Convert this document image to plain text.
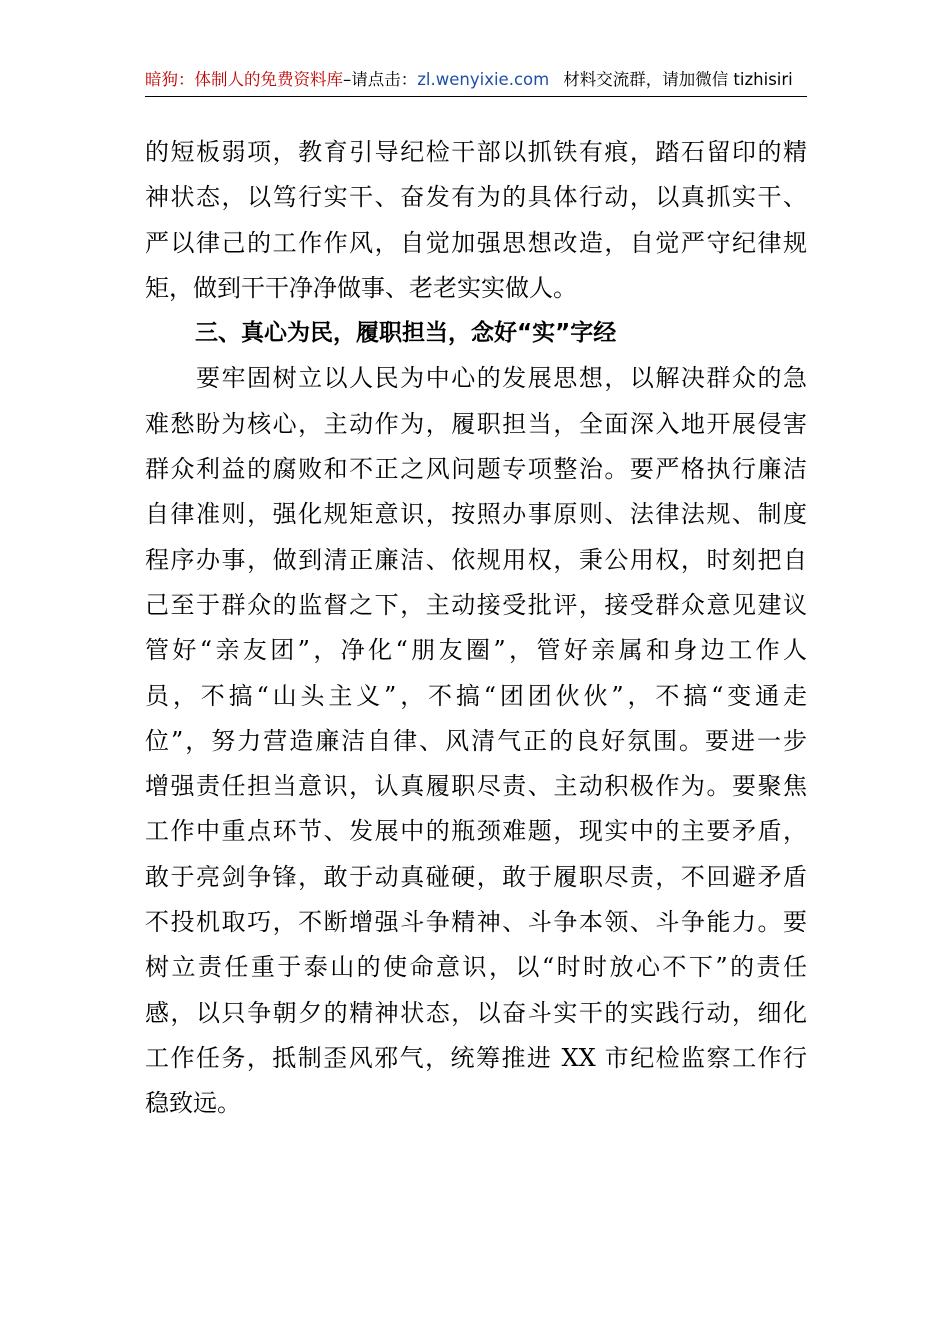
暗狗：体制人的免费资料库–请点击：zl.wenyixie.com 材料交流群，请加微信 tizhisiri
的短板弱项，教育引导纪检干部以抓铁有痕，踏石留印的精
神状态，以笃行实干、奋发有为的具体行动，以真抓实干、
严以律己的工作作风，自觉加强思想改造，自觉严守纪律规
矩，做到干干净净做事、老老实实做人。
三、真心为民，履职担当，念好“实”字经
要牢固树立以人民为中心的发展思想，以解决群众的急
难愁盼为核心，主动作为，履职担当，全面深入地开展侵害
群众利益的腐败和不正之风问题专项整治。要严格执行廉洁
自律准则，强化规矩意识，按照办事原则、法律法规、制度
程序办事，做到清正廉洁、依规用权，秉公用权，时刻把自
己至于群众的监督之下，主动接受批评，接受群众意见建议
管好“亲友团”，净化“朋友圈”，管好亲属和身边工作人
员，不搞“山头主义”，不搞“团团伙伙”，不搞“变通走
位”，努力营造廉洁自律、风清气正的良好氛围。要进一步
增强责任担当意识，认真履职尽责、主动积极作为。要聚焦
工作中重点环节、发展中的瓶颈难题，现实中的主要矛盾，
敢于亮剑争锋，敢于动真碰硬，敢于履职尽责，不回避矛盾
不投机取巧，不断增强斗争精神、斗争本领、斗争能力。要
树立责任重于泰山的使命意识，以“时时放心不下”的责任
感，以只争朝夕的精神状态，以奋斗实干的实践行动，细化
工作任务，抵制歪风邪气，统筹推进 XX 市纪检监察工作行
稳致远。
